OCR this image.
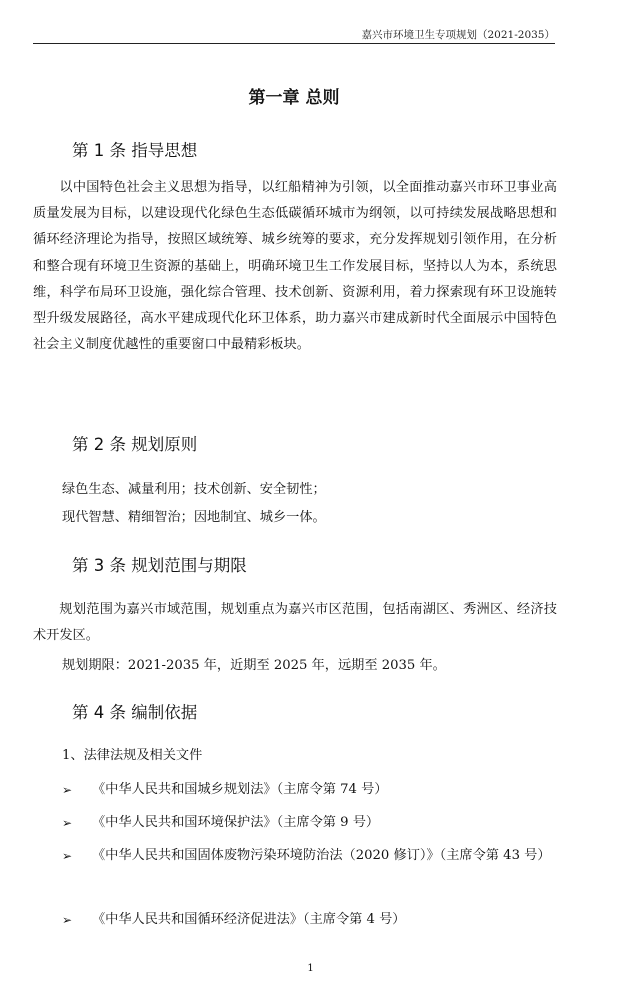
嘉兴市环境卫生专项规划（2021-2035）
第一章 总则
第 1 条 指导思想
以中国特色社会主义思想为指导，以红船精神为引领，以全面推动嘉兴市环卫事业高质量发展为目标，以建设现代化绿色生态低碳循环城市为纲领，以可持续发展战略思想和循环经济理论为指导，按照区域统筹、城乡统筹的要求，充分发挥规划引领作用，在分析和整合现有环境卫生资源的基础上，明确环境卫生工作发展目标，坚持以人为本，系统思维，科学布局环卫设施，强化综合管理、技术创新、资源利用，着力探索现有环卫设施转型升级发展路径，高水平建成现代化环卫体系，助力嘉兴市建成新时代全面展示中国特色社会主义制度优越性的重要窗口中最精彩板块。
第 2 条 规划原则
绿色生态、减量利用；技术创新、安全韧性；
现代智慧、精细智治；因地制宜、城乡一体。
第 3 条 规划范围与期限
规划范围为嘉兴市域范围，规划重点为嘉兴市区范围，包括南湖区、秀洲区、经济技术开发区。
规划期限：2021-2035 年，近期至 2025 年，远期至 2035 年。
第 4 条 编制依据
1、法律法规及相关文件
➢ 《中华人民共和国城乡规划法》（主席令第 74 号）
➢ 《中华人民共和国环境保护法》（主席令第 9 号）
➢ 《中华人民共和国固体废物污染环境防治法（2020 修订）》（主席令第 43 号）
➢ 《中华人民共和国循环经济促进法》（主席令第 4 号）
1
